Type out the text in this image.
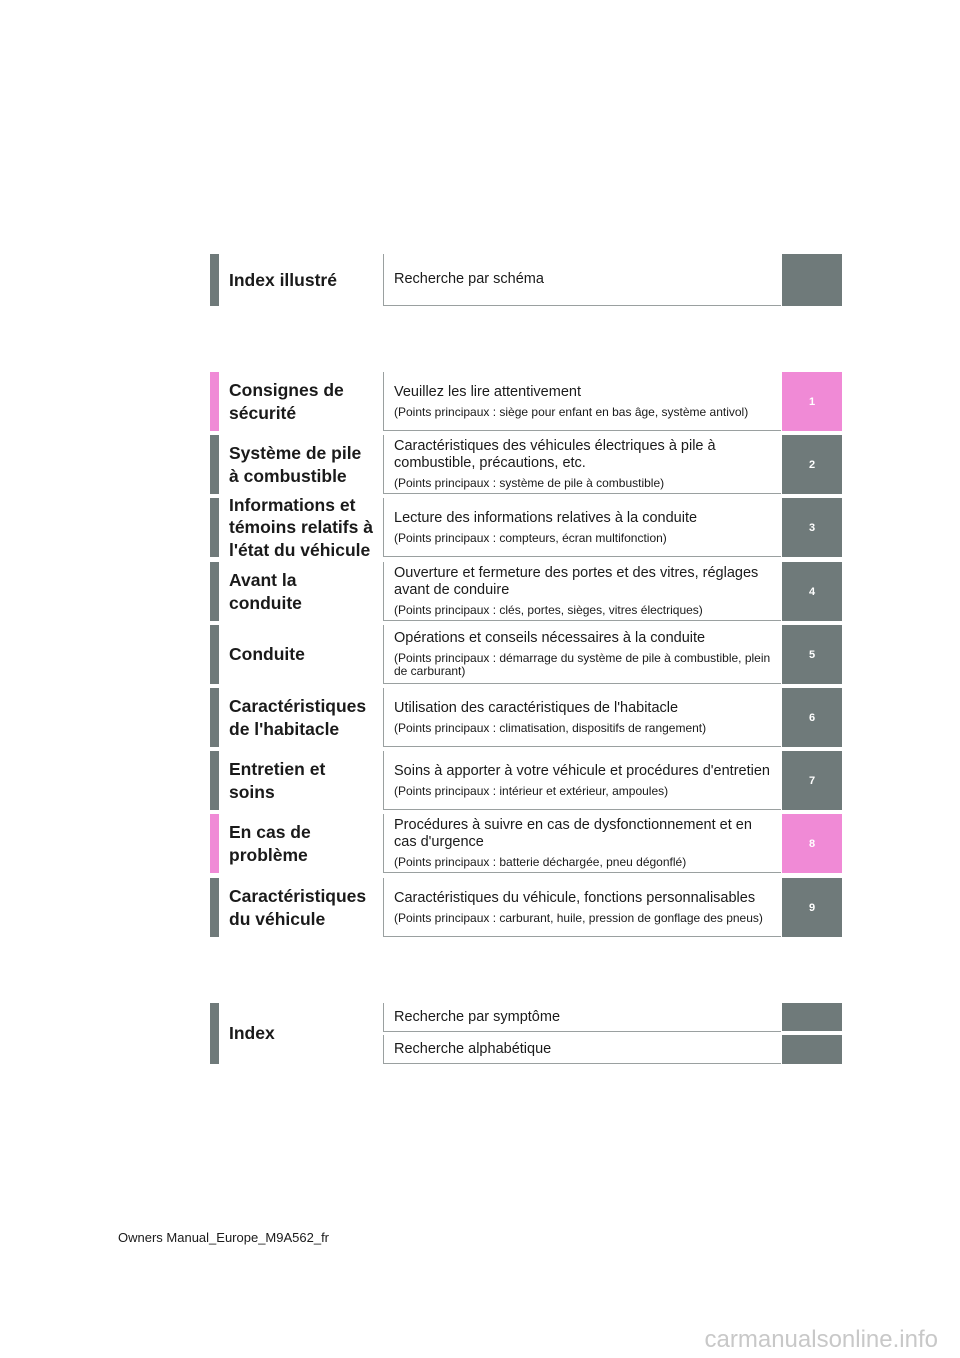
Index illustré	Recherche par schéma
Consignes de
sécurité
Veuillez les lire attentivement
(Points principaux : siège pour enfant en bas âge, système antivol)
1
Système de pile
à combustible
Caractéristiques des véhicules électriques à pile à combustible, précautions, etc.
(Points principaux : système de pile à combustible)
2
Informations et
témoins relatifs à
l'état du véhicule
Lecture des informations relatives à la conduite
(Points principaux : compteurs, écran multifonction)
3
Avant la
conduite
Ouverture et fermeture des portes et des vitres, réglages avant de conduire
(Points principaux : clés, portes, sièges, vitres électriques)
4
Conduite
Opérations et conseils nécessaires à la conduite
(Points principaux : démarrage du système de pile à combustible, plein de carburant)
5
Caractéristiques
de l'habitacle
Utilisation des caractéristiques de l'habitacle
(Points principaux : climatisation, dispositifs de rangement)
6
Entretien et
soins
Soins à apporter à votre véhicule et procédures d'entretien
(Points principaux : intérieur et extérieur, ampoules)
7
En cas de
problème
Procédures à suivre en cas de dysfonctionnement et en cas d'urgence
(Points principaux : batterie déchargée, pneu dégonflé)
8
Caractéristiques
du véhicule
Caractéristiques du véhicule, fonctions personnalisables
(Points principaux : carburant, huile, pression de gonflage des pneus)
9
Index
Recherche par symptôme
Recherche alphabétique
Owners Manual_Europe_M9A562_fr
carmanualsonline.info
